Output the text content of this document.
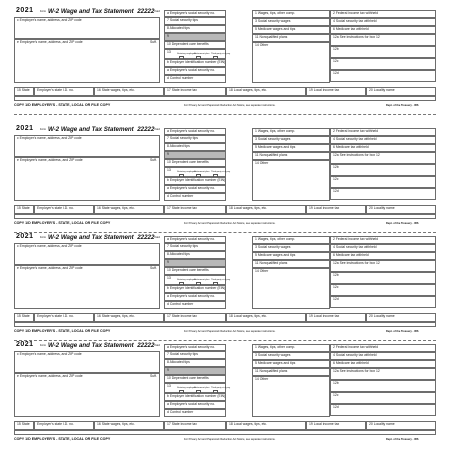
2021 Form W-2 Wage and Tax Statement 22222 Void
c Employer's name, address, and ZIP code
e Employee's name, address, and ZIP code	Suff.
a Employee's social security no.
7 Social security tips
8 Allocated tips
9
10 Dependent care benefits
13	Statutory employee
Retirement plan Third-party sick pay
b Employer identification number (EIN)
a Employee's social security no.
d Control number
1 Wages, tips, other comp.	2 Federal income tax withheld
3 Social security wages	4 Social security tax withheld
5 Medicare wages and tips	6 Medicare tax withheld
11 Nonqualified plans
14 Other
12a See instructions for box 12
12b
12c
12d
15 State Employer's state I.D. no.	16 State wages, tips, etc.	17 State income tax	18 Local wages, tips, etc.	19 Local income tax	20 Locality name
COPY 1/D EMPLOYER'S - STATE, LOCAL OR FILE COPY	For Privacy Act and Paperwork Reduction Act Notice, see separate instructions.	Dept. of the Treasury - IRS
2021 Form W-2 Wage and Tax Statement 22222 Void
c Employer's name, address, and ZIP code
e Employee's name, address, and ZIP code	Suff.
a Employee's social security no.
7 Social security tips
8 Allocated tips
9
10 Dependent care benefits
13	Statutory employee
Retirement plan Third-party sick pay
b Employer identification number (EIN)
a Employee's social security no.
d Control number
1 Wages, tips, other comp.	2 Federal income tax withheld
3 Social security wages	4 Social security tax withheld
5 Medicare wages and tips	6 Medicare tax withheld
11 Nonqualified plans
14 Other
12a See instructions for box 12
12b
12c
12d
15 State Employer's state I.D. no.	16 State wages, tips, etc.	17 State income tax	18 Local wages, tips, etc.	19 Local income tax	20 Locality name
COPY 1/D EMPLOYER'S - STATE, LOCAL OR FILE COPY	For Privacy Act and Paperwork Reduction Act Notice, see separate instructions.	Dept. of the Treasury - IRS
2021 Form W-2 Wage and Tax Statement 22222 Void
c Employer's name, address, and ZIP code
e Employee's name, address, and ZIP code	Suff.
a Employee's social security no.
7 Social security tips
8 Allocated tips
9
10 Dependent care benefits
13	Statutory employee
Retirement plan Third-party sick pay
b Employer identification number (EIN)
a Employee's social security no.
d Control number
1 Wages, tips, other comp.	2 Federal income tax withheld
3 Social security wages	4 Social security tax withheld
5 Medicare wages and tips	6 Medicare tax withheld
11 Nonqualified plans
14 Other
12a See instructions for box 12
12b
12c
12d
15 State Employer's state I.D. no.	16 State wages, tips, etc.	17 State income tax	18 Local wages, tips, etc.	19 Local income tax	20 Locality name
COPY 1/D EMPLOYER'S - STATE, LOCAL OR FILE COPY	For Privacy Act and Paperwork Reduction Act Notice, see separate instructions.	Dept. of the Treasury - IRS
2021 Form W-2 Wage and Tax Statement 22222 Void
c Employer's name, address, and ZIP code
e Employee's name, address, and ZIP code	Suff.
a Employee's social security no.
7 Social security tips
8 Allocated tips
9
10 Dependent care benefits
13	Statutory employee
Retirement plan Third-party sick pay
b Employer identification number (EIN)
a Employee's social security no.
d Control number
1 Wages, tips, other comp.	2 Federal income tax withheld
3 Social security wages	4 Social security tax withheld
5 Medicare wages and tips	6 Medicare tax withheld
11 Nonqualified plans
14 Other
12a See instructions for box 12
12b
12c
12d
15 State Employer's state I.D. no.	16 State wages, tips, etc.	17 State income tax	18 Local wages, tips, etc.	19 Local income tax	20 Locality name
COPY 1/D EMPLOYER'S - STATE, LOCAL OR FILE COPY	For Privacy Act and Paperwork Reduction Act Notice, see separate instructions.	Dept. of the Treasury - IRS
